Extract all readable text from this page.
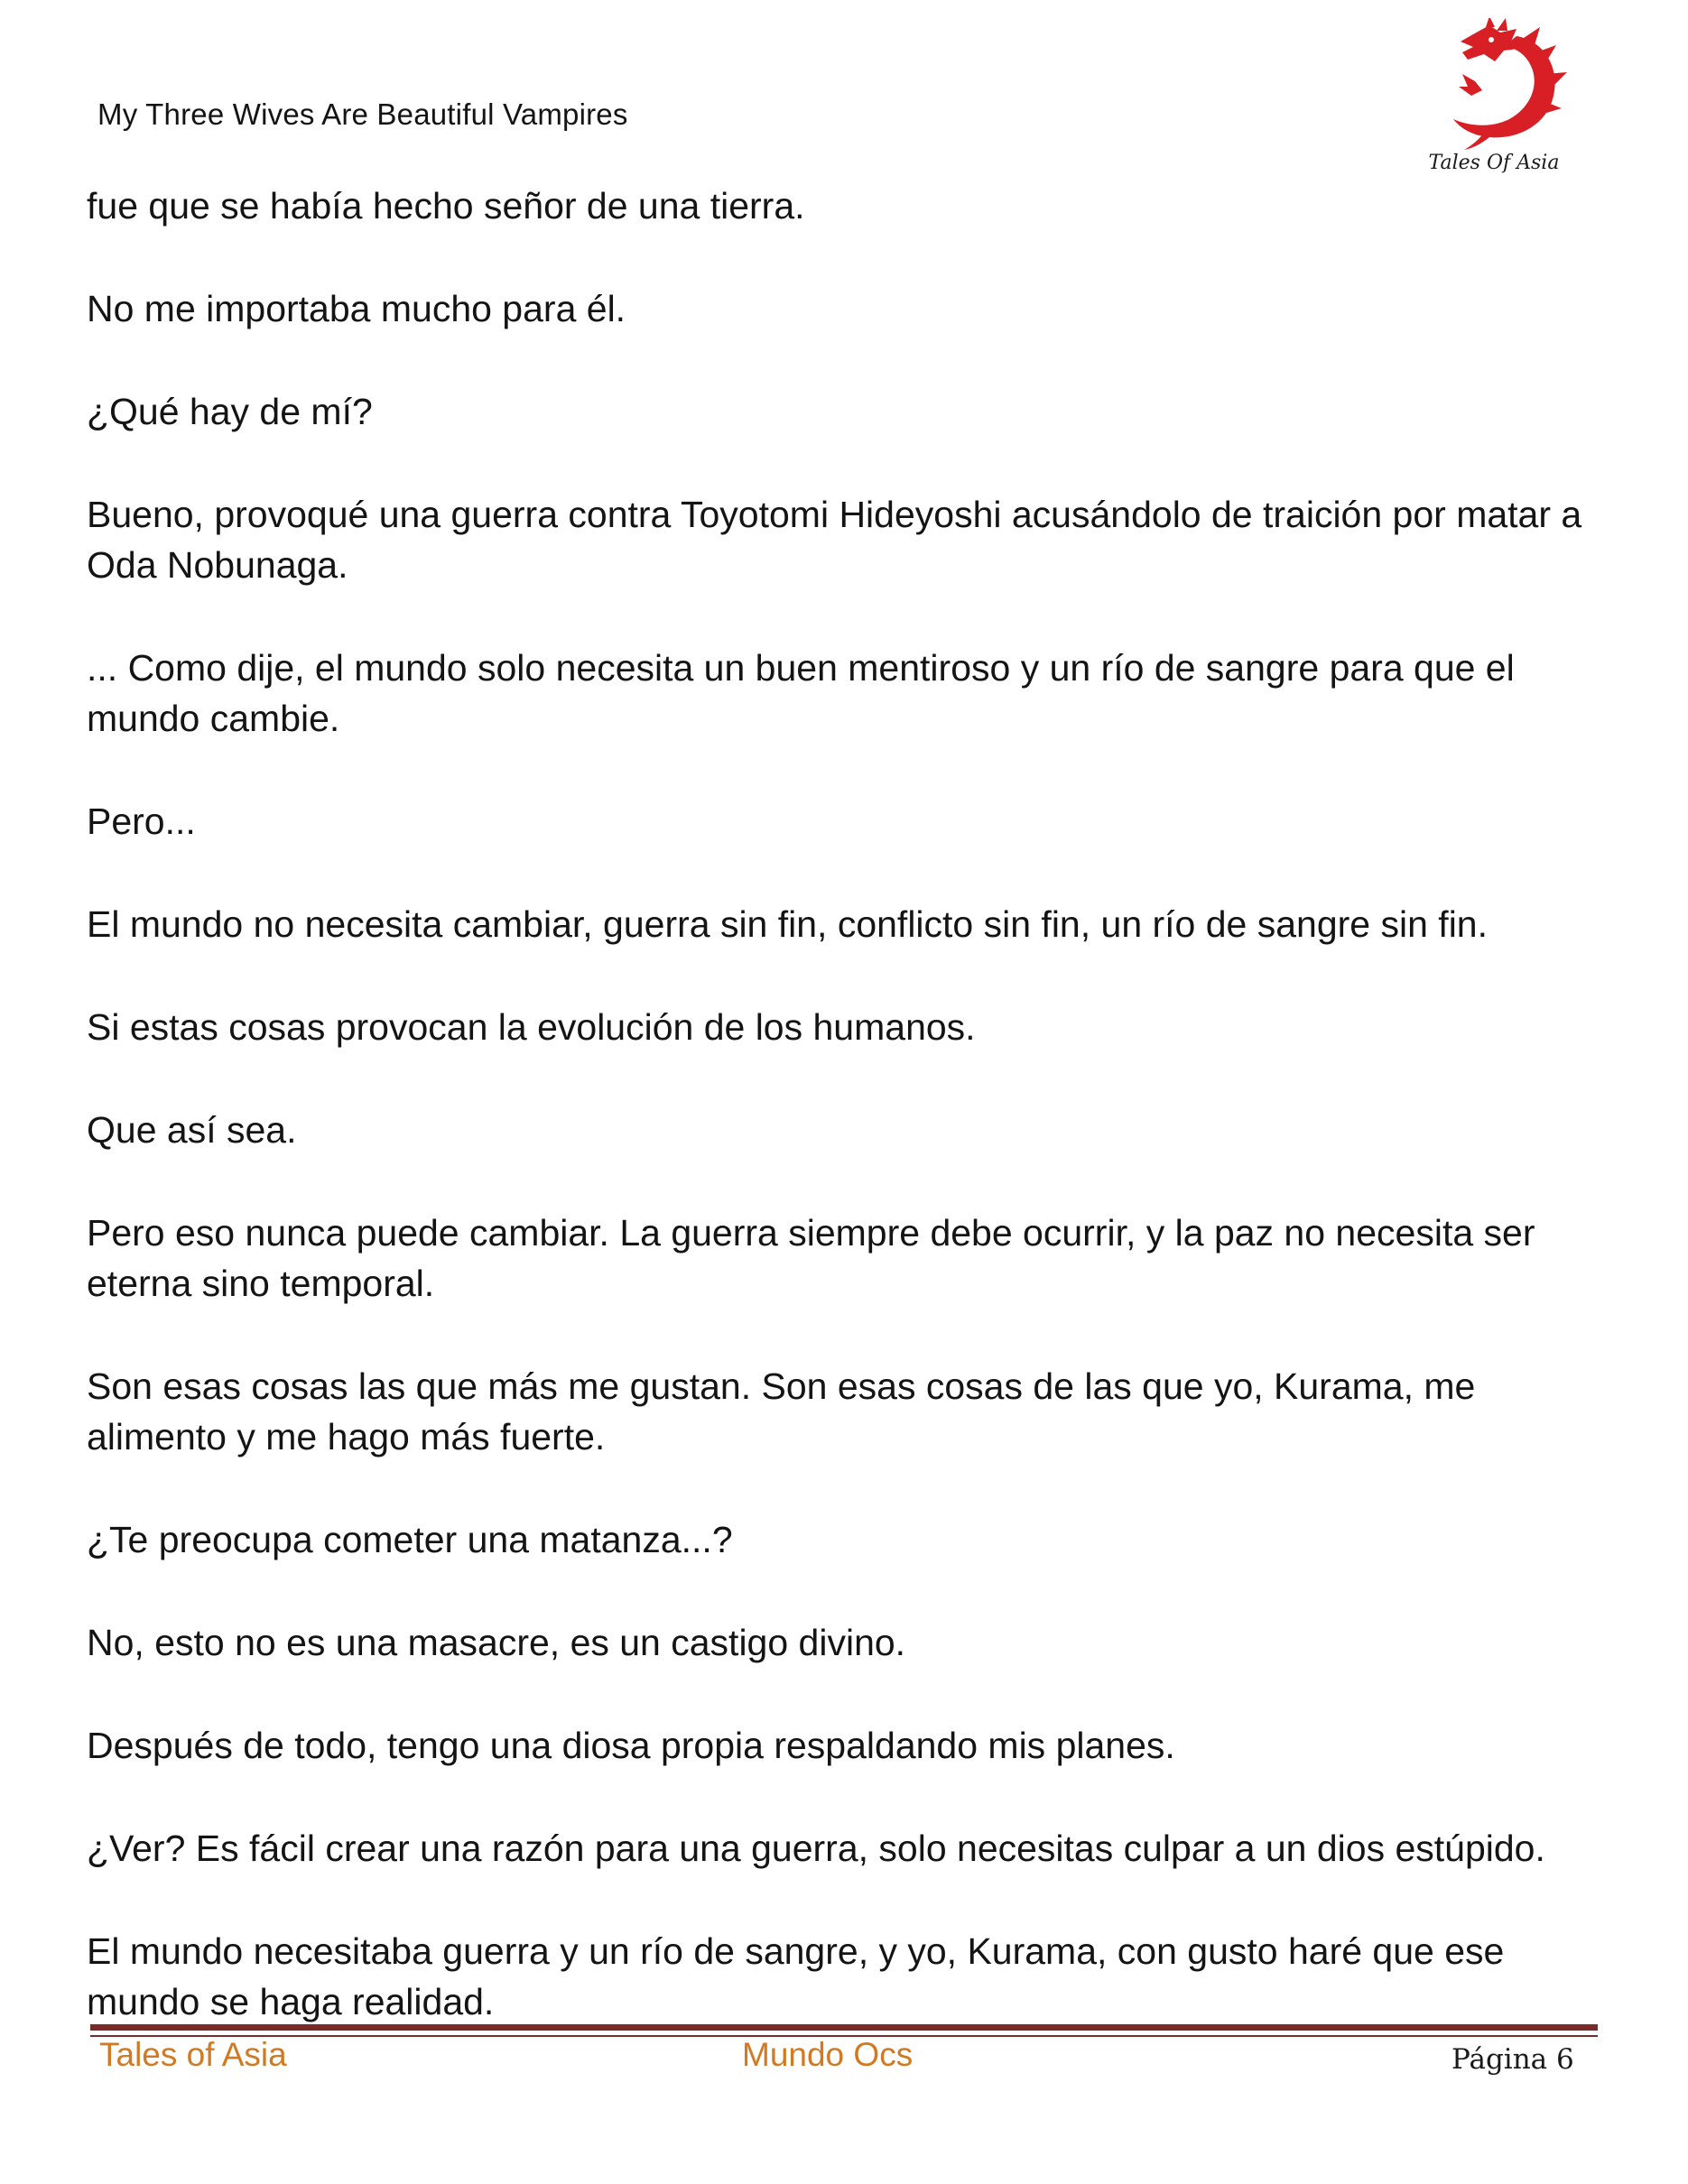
My Three Wives Are Beautiful Vampires
Tales Of Asia

fue que se había hecho señor de una tierra.

No me importaba mucho para él.

¿Qué hay de mí?

Bueno, provoqué una guerra contra Toyotomi Hideyoshi acusándolo de traición por matar a Oda Nobunaga.

... Como dije, el mundo solo necesita un buen mentiroso y un río de sangre para que el mundo cambie.

Pero...

El mundo no necesita cambiar, guerra sin fin, conflicto sin fin, un río de sangre sin fin.

Si estas cosas provocan la evolución de los humanos.

Que así sea.

Pero eso nunca puede cambiar. La guerra siempre debe ocurrir, y la paz no necesita ser eterna sino temporal.

Son esas cosas las que más me gustan. Son esas cosas de las que yo, Kurama, me alimento y me hago más fuerte.

¿Te preocupa cometer una matanza...?

No, esto no es una masacre, es un castigo divino.

Después de todo, tengo una diosa propia respaldando mis planes.

¿Ver? Es fácil crear una razón para una guerra, solo necesitas culpar a un dios estúpido.

El mundo necesitaba guerra y un río de sangre, y yo, Kurama, con gusto haré que ese mundo se haga realidad.

Tales of Asia	Mundo Ocs	Página 6
